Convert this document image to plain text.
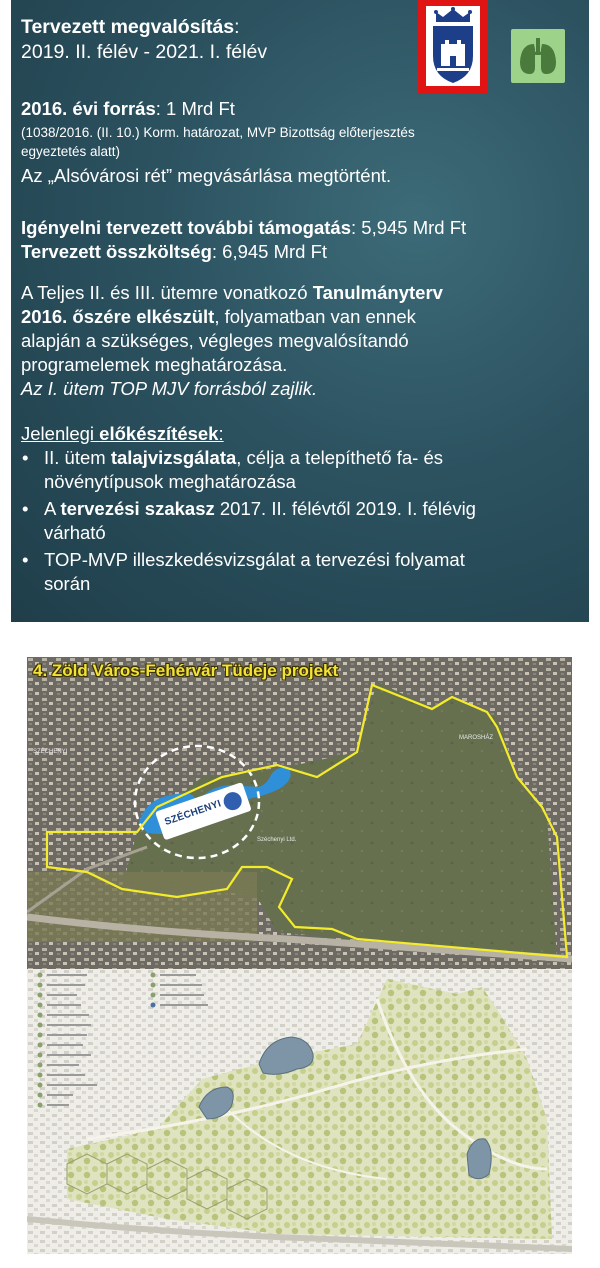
Tervezett megvalósítás:
2019. II. félév - 2021. I. félév
2016. évi forrás: 1 Mrd Ft
(1038/2016. (II. 10.) Korm. határozat, MVP Bizottság előterjesztés
egyeztetés alatt)
Az „Alsóvárosi rét” megvásárlása megtörtént.
Igényelni tervezett további támogatás: 5,945 Mrd Ft
Tervezett összköltség: 6,945 Mrd Ft
A Teljes II. és III. ütemre vonatkozó Tanulmányterv
2016. őszére elkészült, folyamatban van ennek
alapján a szükséges, végleges megvalósítandó
programelemek meghatározása.
Az I. ütem TOP MJV forrásból zajlik.
Jelenlegi előkészítések:
• II. ütem talajvizsgálata, célja a telepíthető fa- és
növénytípusok meghatározása
• A tervezési szakasz 2017. II. félévtől 2019. I. félévig
várható
• TOP-MVP illeszkedésvizsgálat a tervezési folyamat
során
4. Zöld Város-Fehérvár Tüdeje projekt
SZÉCHENYI
SZÉCHENYI
MAROSHÁZ
Széchenyi Ltd.
